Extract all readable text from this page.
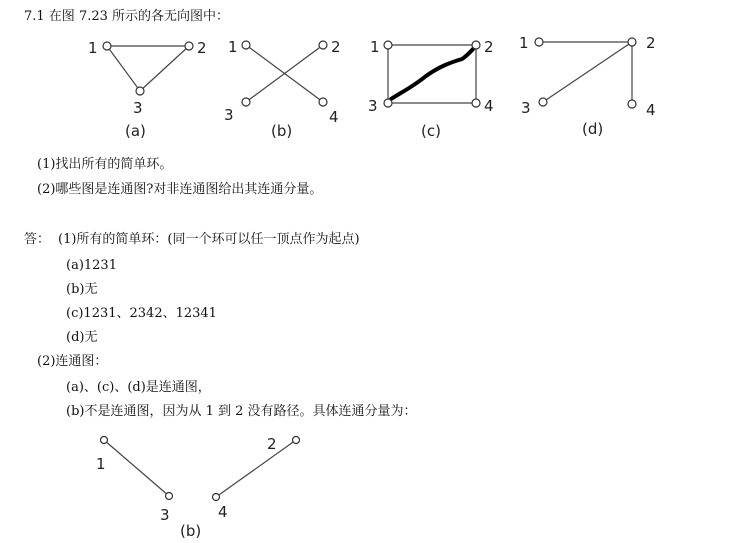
7.1 在图 7.23 所示的各无向图中：
1	2
3
(a)
1	2
3	4
(b)
1	2
3	4
(c)
1	2
3	4
(d)
1
3	4
2
(b)
(1)找出所有的简单环。
(2)哪些图是连通图?对非连通图给出其连通分量。
答： (1)所有的简单环：(同一个环可以任一顶点作为起点)
(a)1231
(b)无
(c)1231、2342、12341
(d)无
(2)连通图：
(a)、(c)、(d)是连通图，
(b)不是连通图，因为从 1 到 2 没有路径。具体连通分量为：
